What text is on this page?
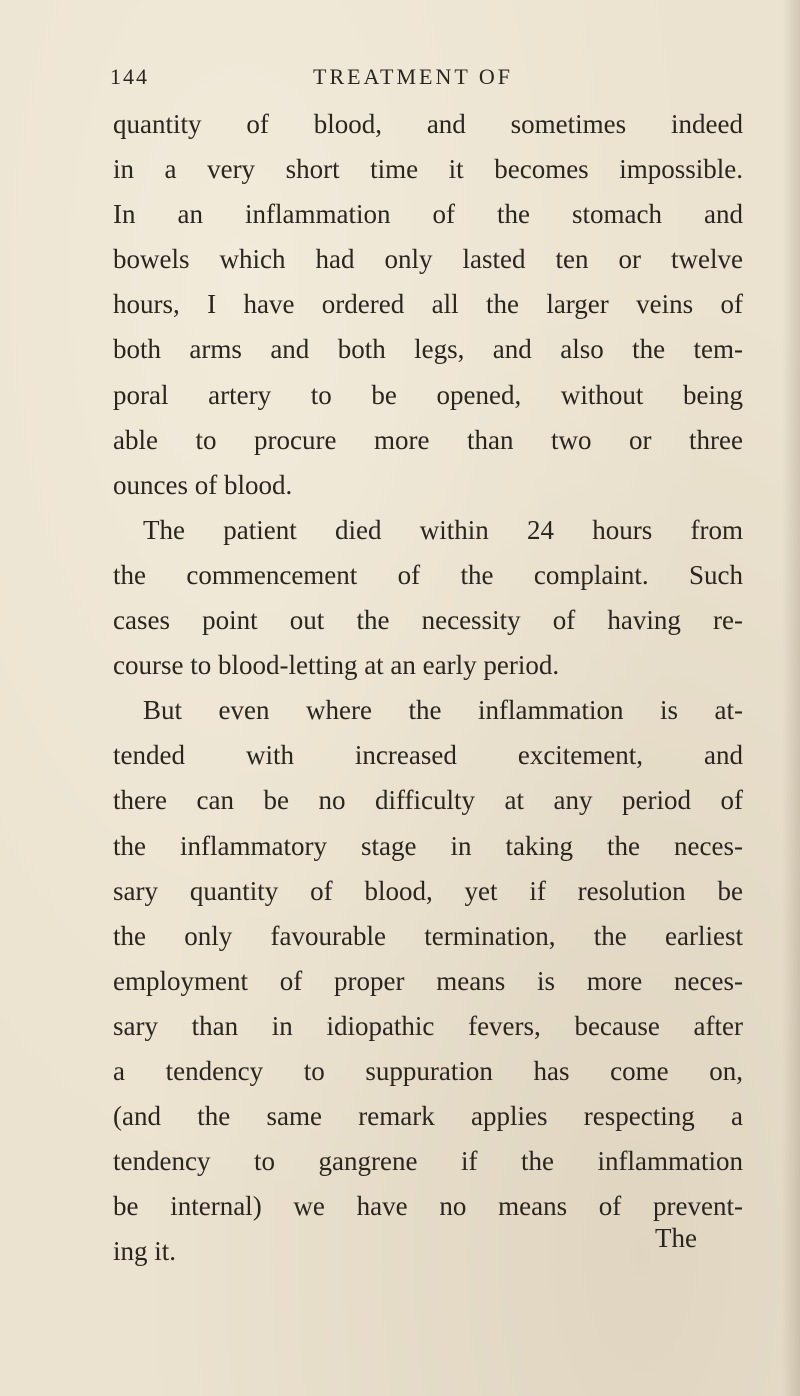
144	TREATMENT OF
quantity of blood, and sometimes indeed
in a very short time it becomes impossible.
In an inflammation of the stomach and
bowels which had only lasted ten or twelve
hours, I have ordered all the larger veins of
both arms and both legs, and also the tem-
poral artery to be opened, without being
able to procure more than two or three
ounces of blood.
The patient died within 24 hours from
the commencement of the complaint. Such
cases point out the necessity of having re-
course to blood-letting at an early period.
But even where the inflammation is at-
tended with increased excitement, and
there can be no difficulty at any period of
the inflammatory stage in taking the neces-
sary quantity of blood, yet if resolution be
the only favourable termination, the earliest
employment of proper means is more neces-
sary than in idiopathic fevers, because after
a tendency to suppuration has come on,
(and the same remark applies respecting a
tendency to gangrene if the inflammation
be internal) we have no means of prevent-
ing it.	The
